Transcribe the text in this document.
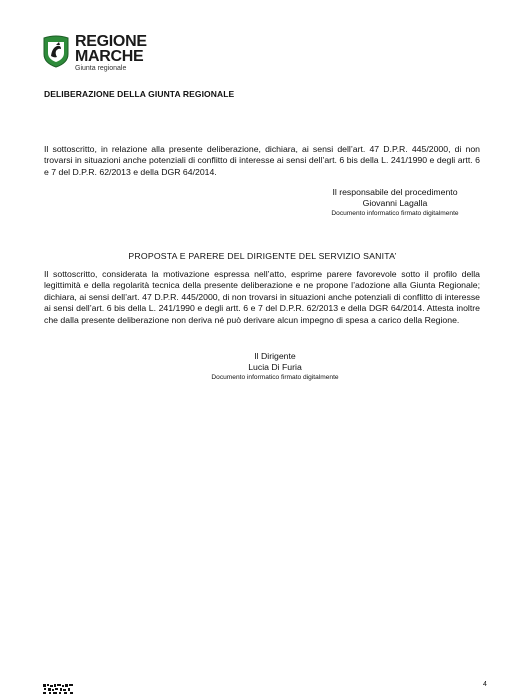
REGIONE
MARCHE
Giunta regionale
DELIBERAZIONE DELLA GIUNTA REGIONALE
Il sottoscritto, in relazione alla presente deliberazione, dichiara, ai sensi dell’art. 47 D.P.R. 445/2000, di non trovarsi in situazioni anche potenziali di conflitto di interesse ai sensi dell’art. 6 bis della L. 241/1990 e degli artt. 6 e 7 del D.P.R. 62/2013 e della DGR 64/2014.
Il responsabile del procedimento
Giovanni Lagalla
Documento informatico firmato digitalmente
PROPOSTA E PARERE DEL DIRIGENTE DEL SERVIZIO SANITA’
Il sottoscritto, considerata la motivazione espressa nell’atto, esprime parere favorevole sotto il profilo della legittimità e della regolarità tecnica della presente deliberazione e ne propone l’adozione alla Giunta Regionale; dichiara, ai sensi dell’art. 47 D.P.R. 445/2000, di non trovarsi in situazioni anche potenziali di conflitto di interesse ai sensi dell’art. 6 bis della L. 241/1990 e degli artt. 6 e 7 del D.P.R. 62/2013 e della DGR 64/2014. Attesta inoltre che dalla presente deliberazione non deriva né può derivare alcun impegno di spesa a carico della Regione.
Il Dirigente
Lucia Di Furia
Documento informatico firmato digitalmente
4
